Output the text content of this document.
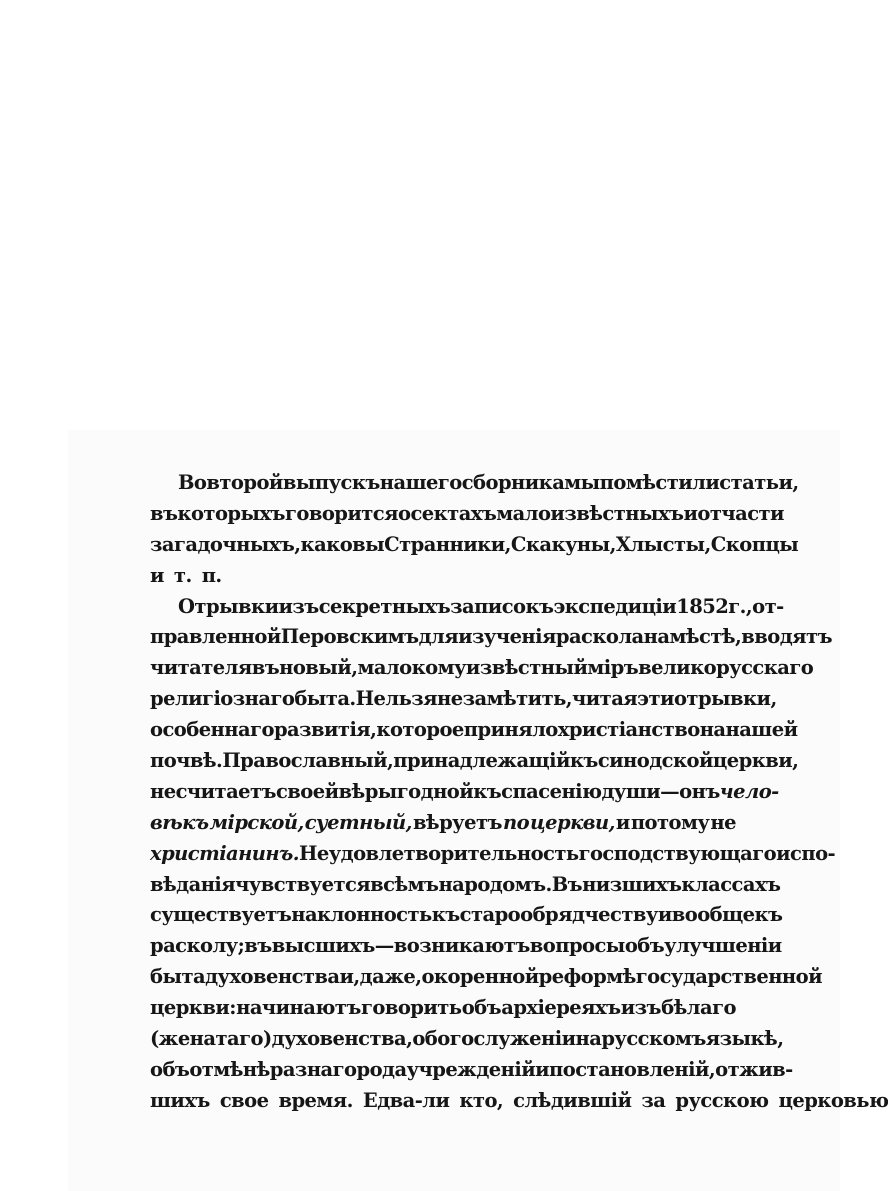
Во второй выпускъ нашего сборника мы помѣстили статьи,
въ которыхъ говорится о сектахъ малоизвѣстныхъ и отчасти
загадочныхъ, каковы Странники, Скакуны, Хлысты, Скопцы
и т. п.
Отрывки изъ секретныхъ записокъ экспедиціи 1852 г., от-
правленной Перовскимъ для изученія раскола на мѣстѣ, вводятъ
читателя въ новый, мало кому извѣстный міръ великорусскаго
религіознаго быта. Нельзя не замѣтить, читая эти отрывки,
особеннаго развитія, которое приняло христіанство на нашей
почвѣ. Православный, принадлежащій къ синодской церкви,
не считаетъ своей вѣры годной къ спасенію души—онъ чело-
вѣкъ мірской, суетный, вѣруетъ по церкви, и потому не
христіанинъ. Неудовлетворительность господствующаго испо-
вѣданія чувствуется всѣмъ народомъ. Въ низшихъ классахъ
существуетъ наклонность къ старообрядчеству и вообще къ
расколу; въ высшихъ—возникаютъ вопросы объ улучшеніи
быта духовенства и, даже, о коренной реформѣ государственной
церкви: начинаютъ говорить объ архіереяхъ изъ бѣлаго
(женатаго) духовенства, о богослуженіи на русскомъ языкѣ,
объ отмѣнѣ разнаго рода учрежденій и постановленій, отжив-
шихъ свое время. Едва-ли кто, слѣдившій за русскою церковью
